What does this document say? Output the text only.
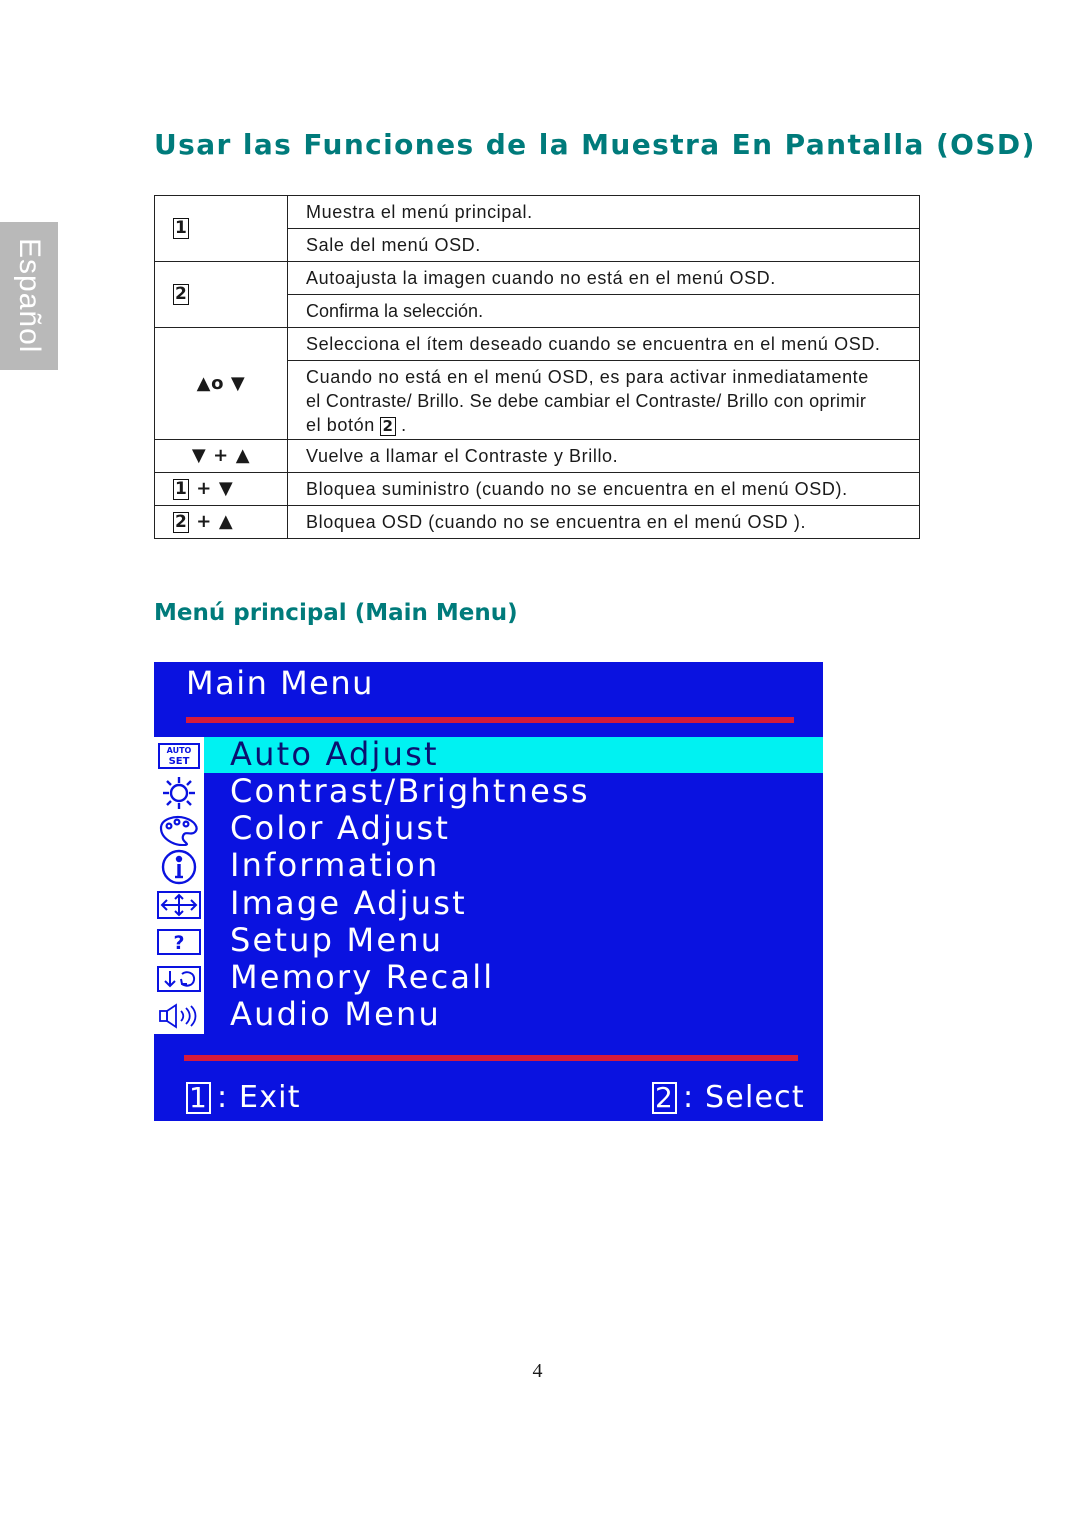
Español
Usar las Funciones de la Muestra En Pantalla (OSD)
1	Muestra el menú principal.
	Sale del menú OSD.
2	Autoajusta la imagen cuando no está en el menú OSD.
	Confirma la selección.
▲o ▼	Selecciona el ítem deseado cuando se encuentra en el menú OSD.

	Cuando no está en el menú OSD, es para activar inmediatamente
el Contraste/ Brillo. Se debe cambiar el Contraste/ Brillo con oprimir
el botón 2 .

▼ + ▲	Vuelve a llamar el Contraste y Brillo.
1 + ▼	Bloquea suministro (cuando no se encuentra en el menú OSD).
2 + ▲	Bloquea OSD (cuando no se encuentra en el menú OSD ).
Menú principal (Main Menu)
Main Menu
AUTO
SET Auto Adjust
Contrast/Brightness
Color Adjust
Information
Image Adjust
? Setup Menu
Memory Recall
Audio Menu
1 : Exit	2 : Select
4
